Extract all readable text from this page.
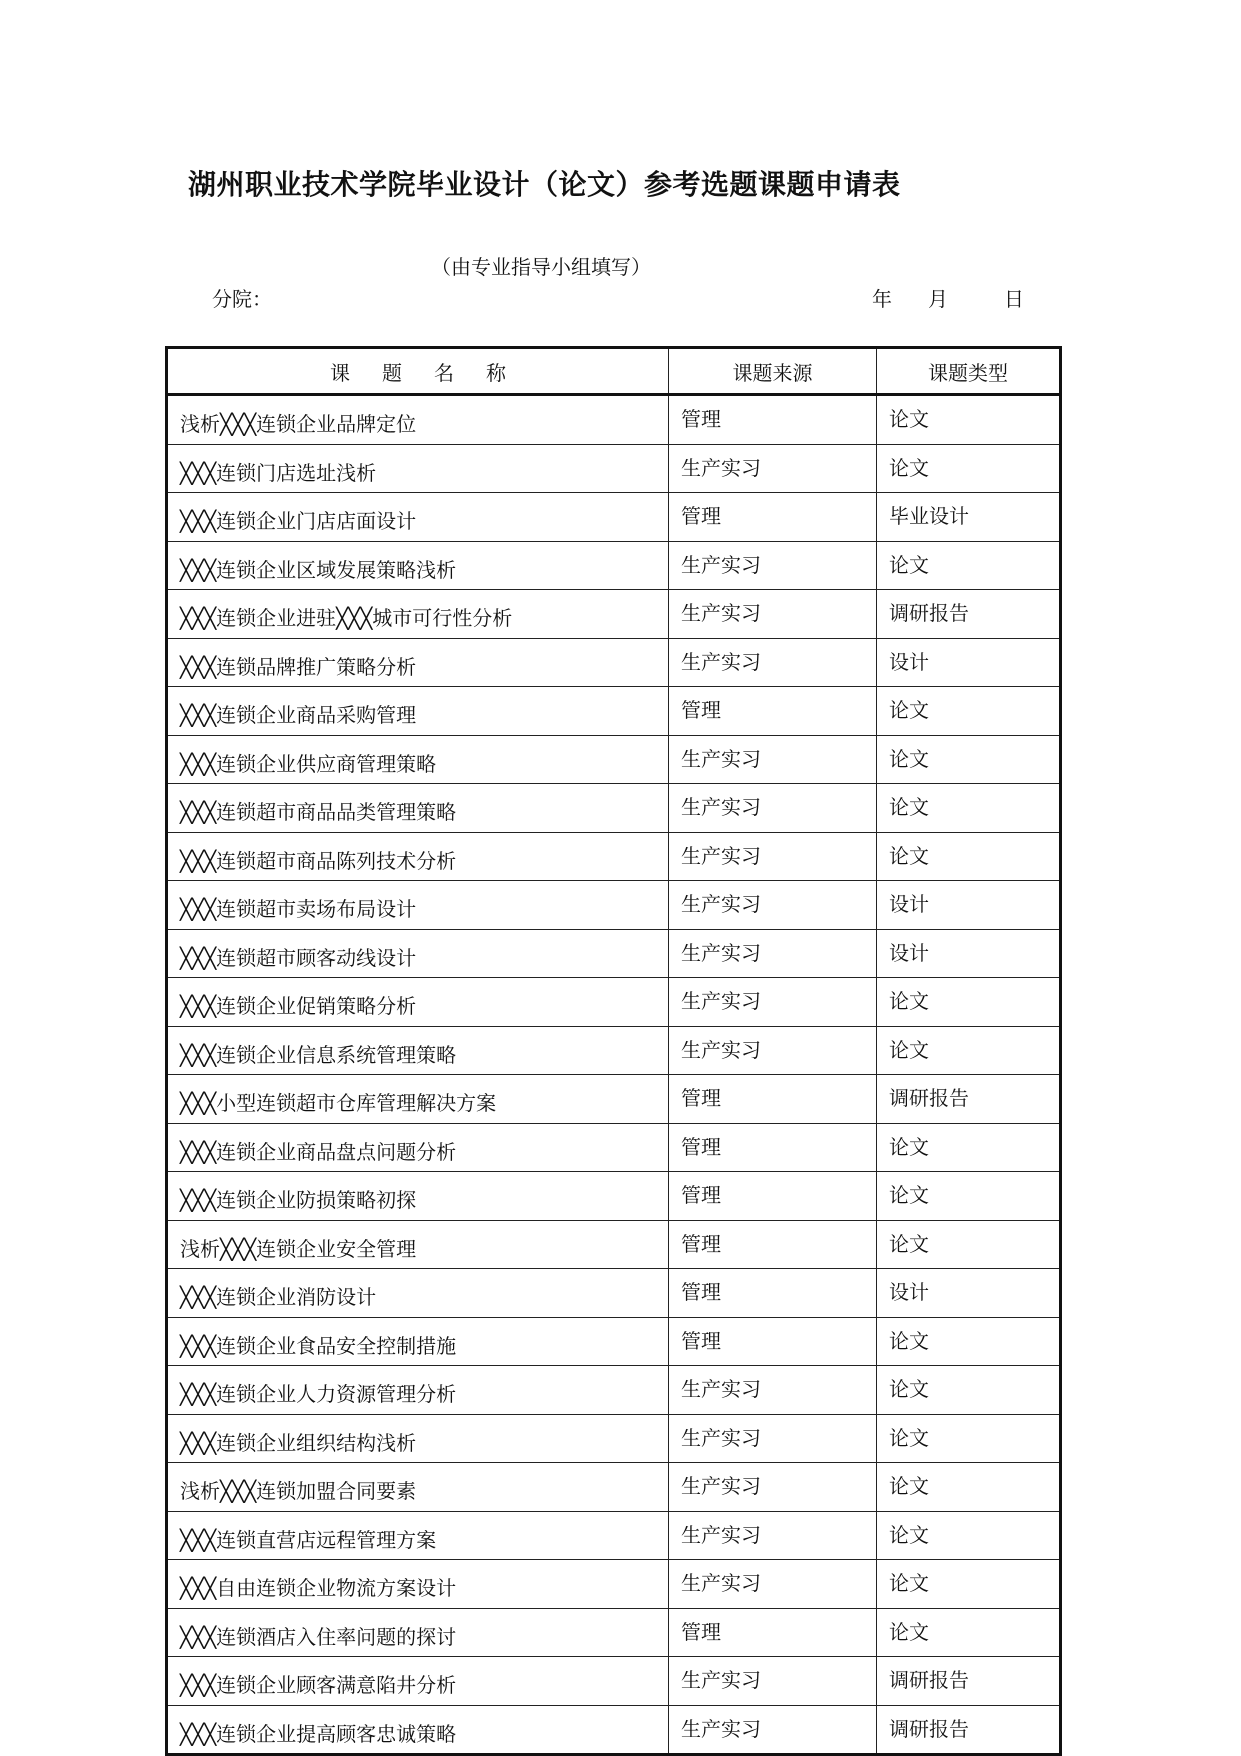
湖州职业技术学院毕业设计（论文）参考选题课题申请表
（由专业指导小组填写）
分院：	年 月	日
课题名称	课题来源	课题类型
浅析╳╳╳连锁企业品牌定位	管理	论文
╳╳╳连锁门店选址浅析	生产实习	论文
╳╳╳连锁企业门店店面设计	管理	毕业设计
╳╳╳连锁企业区域发展策略浅析	生产实习	论文
╳╳╳连锁企业进驻╳╳╳城市可行性分析	生产实习	调研报告
╳╳╳连锁品牌推广策略分析	生产实习	设计
╳╳╳连锁企业商品采购管理	管理	论文
╳╳╳连锁企业供应商管理策略	生产实习	论文
╳╳╳连锁超市商品品类管理策略	生产实习	论文
╳╳╳连锁超市商品陈列技术分析	生产实习	论文
╳╳╳连锁超市卖场布局设计	生产实习	设计
╳╳╳连锁超市顾客动线设计	生产实习	设计
╳╳╳连锁企业促销策略分析	生产实习	论文
╳╳╳连锁企业信息系统管理策略	生产实习	论文
╳╳╳小型连锁超市仓库管理解决方案	管理	调研报告
╳╳╳连锁企业商品盘点问题分析	管理	论文
╳╳╳连锁企业防损策略初探	管理	论文
浅析╳╳╳连锁企业安全管理	管理	论文
╳╳╳连锁企业消防设计	管理	设计
╳╳╳连锁企业食品安全控制措施	管理	论文
╳╳╳连锁企业人力资源管理分析	生产实习	论文
╳╳╳连锁企业组织结构浅析	生产实习	论文
浅析╳╳╳连锁加盟合同要素	生产实习	论文
╳╳╳连锁直营店远程管理方案	生产实习	论文
╳╳╳自由连锁企业物流方案设计	生产实习	论文
╳╳╳连锁酒店入住率问题的探讨	管理	论文
╳╳╳连锁企业顾客满意陷井分析	生产实习	调研报告
╳╳╳连锁企业提高顾客忠诚策略	生产实习	调研报告
